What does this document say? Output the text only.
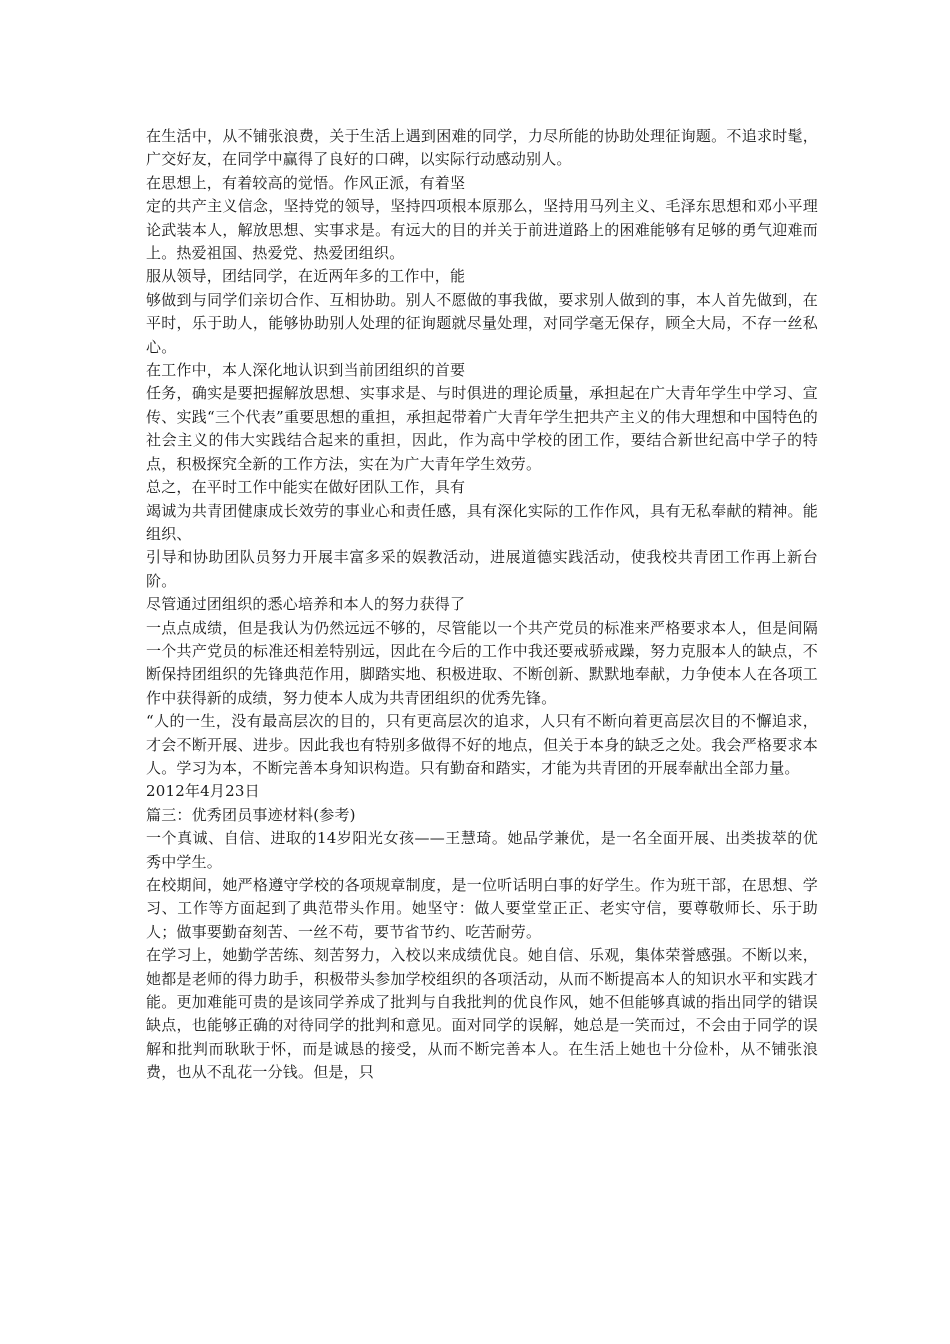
在生活中，从不铺张浪费，关于生活上遇到困难的同学，力尽所能的协助处理征询题。不追求时髦，广交好友，在同学中赢得了良好的口碑，以实际行动感动别人。

在思想上，有着较高的觉悟。作风正派，有着坚

定的共产主义信念，坚持党的领导，坚持四项根本原那么，坚持用马列主义、毛泽东思想和邓小平理论武装本人，解放思想、实事求是。有远大的目的并关于前进道路上的困难能够有足够的勇气迎难而上。热爱祖国、热爱党、热爱团组织。

服从领导，团结同学，在近两年多的工作中，能

够做到与同学们亲切合作、互相协助。别人不愿做的事我做，要求别人做到的事，本人首先做到，在平时，乐于助人，能够协助别人处理的征询题就尽量处理，对同学毫无保存，顾全大局，不存一丝私心。

在工作中，本人深化地认识到当前团组织的首要

任务，确实是要把握解放思想、实事求是、与时俱进的理论质量，承担起在广大青年学生中学习、宣传、实践“三个代表”重要思想的重担，承担起带着广大青年学生把共产主义的伟大理想和中国特色的社会主义的伟大实践结合起来的重担，因此，作为高中学校的团工作，要结合新世纪高中学子的特点，积极探究全新的工作方法，实在为广大青年学生效劳。

总之，在平时工作中能实在做好团队工作，具有

竭诚为共青团健康成长效劳的事业心和责任感，具有深化实际的工作作风，具有无私奉献的精神。能组织、

引导和协助团队员努力开展丰富多采的娱教活动，进展道德实践活动，使我校共青团工作再上新台阶。

尽管通过团组织的悉心培养和本人的努力获得了

一点点成绩，但是我认为仍然远远不够的，尽管能以一个共产党员的标准来严格要求本人，但是间隔一个共产党员的标准还相差特别远，因此在今后的工作中我还要戒骄戒躁，努力克服本人的缺点，不断保持团组织的先锋典范作用，脚踏实地、积极进取、不断创新、默默地奉献，力争使本人在各项工作中获得新的成绩，努力使本人成为共青团组织的优秀先锋。

“人的一生，没有最高层次的目的，只有更高层次的追求，人只有不断向着更高层次目的不懈追求，才会不断开展、进步。因此我也有特别多做得不好的地点，但关于本身的缺乏之处。我会严格要求本人。学习为本，不断完善本身知识构造。只有勤奋和踏实，才能为共青团的开展奉献出全部力量。

2012年4月23日

篇三：优秀团员事迹材料(参考)

一个真诚、自信、进取的14岁阳光女孩——王慧琦。她品学兼优，是一名全面开展、出类拔萃的优秀中学生。

在校期间，她严格遵守学校的各项规章制度，是一位听话明白事的好学生。作为班干部，在思想、学习、工作等方面起到了典范带头作用。她坚守：做人要堂堂正正、老实守信，要尊敬师长、乐于助人；做事要勤奋刻苦、一丝不苟，要节省节约、吃苦耐劳。

在学习上，她勤学苦练、刻苦努力，入校以来成绩优良。她自信、乐观，集体荣誉感强。不断以来，她都是老师的得力助手，积极带头参加学校组织的各项活动，从而不断提高本人的知识水平和实践才能。更加难能可贵的是该同学养成了批判与自我批判的优良作风，她不但能够真诚的指出同学的错误缺点，也能够正确的对待同学的批判和意见。面对同学的误解，她总是一笑而过，不会由于同学的误解和批判而耿耿于怀，而是诚恳的接受，从而不断完善本人。在生活上她也十分俭朴，从不铺张浪费，也从不乱花一分钱。但是，只
